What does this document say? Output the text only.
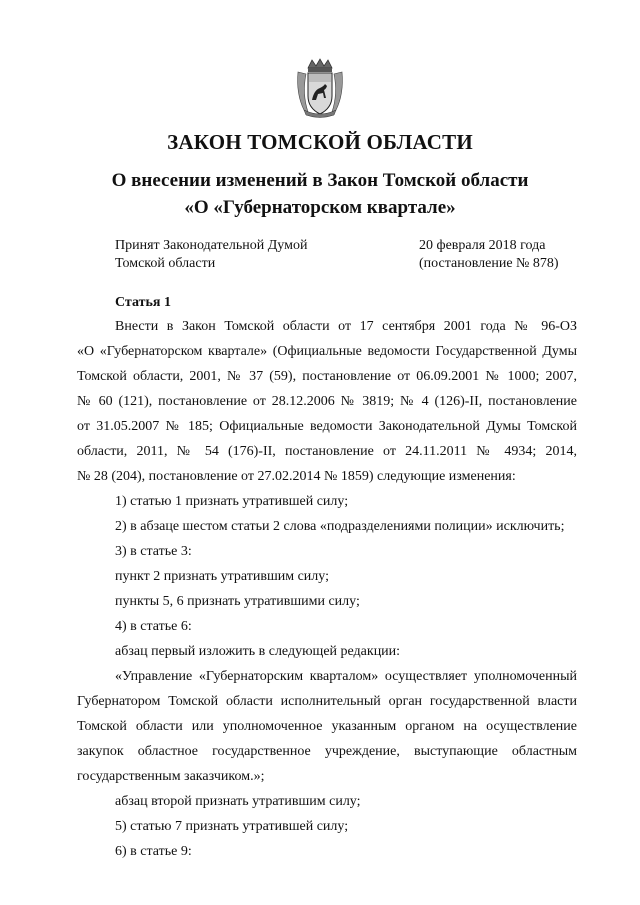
ЗАКОН ТОМСКОЙ ОБЛАСТИ
О внесении изменений в Закон Томской области
«О «Губернаторском квартале»
Принят Законодательной Думой
Томской области
20 февраля 2018 года
(постановление № 878)
Статья 1
Внести в Закон Томской области от 17 сентября 2001 года № 96-ОЗ
«О «Губернаторском квартале» (Официальные ведомости Государственной Думы
Томской области, 2001, № 37 (59), постановление от 06.09.2001 № 1000; 2007,
№ 60 (121), постановление от 28.12.2006 № 3819; № 4 (126)-II, постановление
от 31.05.2007 № 185; Официальные ведомости Законодательной Думы Томской
области, 2011, № 54 (176)-II, постановление от 24.11.2011 № 4934; 2014,
№ 28 (204), постановление от 27.02.2014 № 1859) следующие изменения:
1) статью 1 признать утратившей силу;
2) в абзаце шестом статьи 2 слова «подразделениями полиции» исключить;
3) в статье 3:
пункт 2 признать утратившим силу;
пункты 5, 6 признать утратившими силу;
4) в статье 6:
абзац первый изложить в следующей редакции:
«Управление «Губернаторским кварталом» осуществляет уполномоченный
Губернатором Томской области исполнительный орган государственной власти
Томской области или уполномоченное указанным органом на осуществление
закупок областное государственное учреждение, выступающие областным
государственным заказчиком.»;
абзац второй признать утратившим силу;
5) статью 7 признать утратившей силу;
6) в статье 9:
